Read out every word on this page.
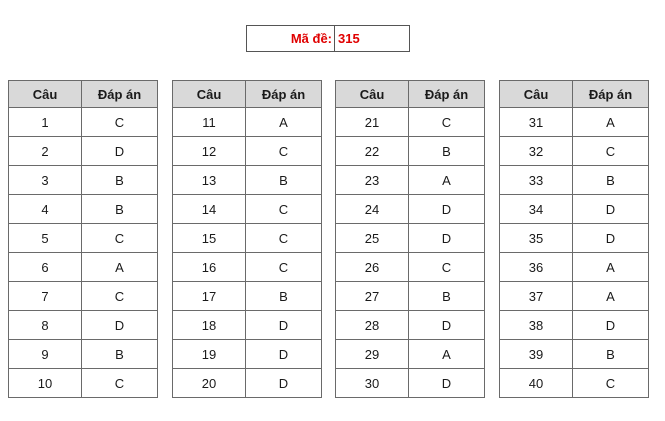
Mã đề: 315
Câu	Đáp án
1	C
2	D
3	B
4	B
5	C
6	A
7	C
8	D
9	B
10	C
Câu	Đáp án
11	A
12	C
13	B
14	C
15	C
16	C
17	B
18	D
19	D
20	D
Câu	Đáp án
21	C
22	B
23	A
24	D
25	D
26	C
27	B
28	D
29	A
30	D
Câu	Đáp án
31	A
32	C
33	B
34	D
35	D
36	A
37	A
38	D
39	B
40	C
